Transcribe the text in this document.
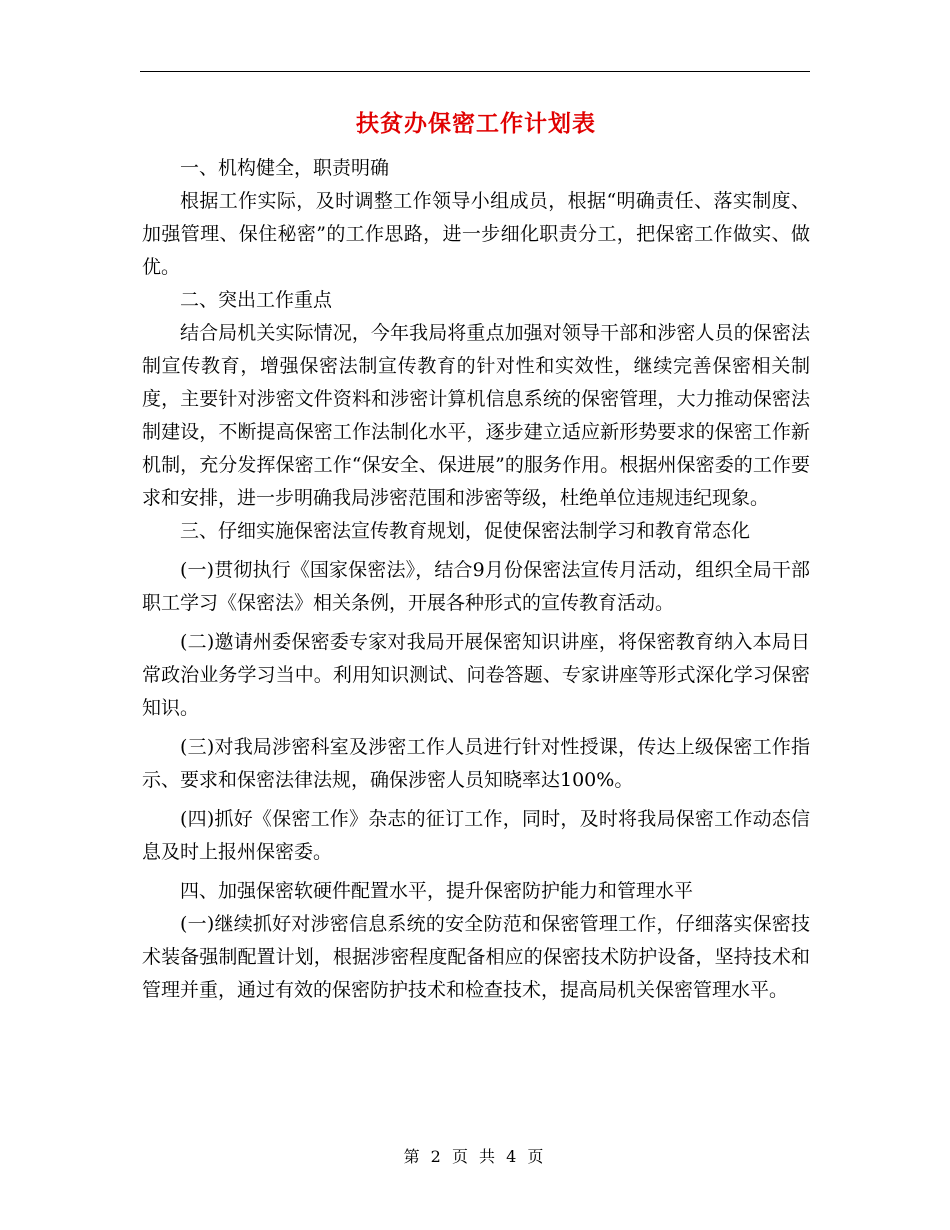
扶贫办保密工作计划表

一、机构健全，职责明确

根据工作实际，及时调整工作领导小组成员，根据“明确责任、落实制度、加强管理、保住秘密”的工作思路，进一步细化职责分工，把保密工作做实、做优。

二、突出工作重点

结合局机关实际情况，今年我局将重点加强对领导干部和涉密人员的保密法制宣传教育，增强保密法制宣传教育的针对性和实效性，继续完善保密相关制度，主要针对涉密文件资料和涉密计算机信息系统的保密管理，大力推动保密法制建设，不断提高保密工作法制化水平，逐步建立适应新形势要求的保密工作新机制，充分发挥保密工作“保安全、保进展”的服务作用。根据州保密委的工作要求和安排，进一步明确我局涉密范围和涉密等级，杜绝单位违规违纪现象。

三、仔细实施保密法宣传教育规划，促使保密法制学习和教育常态化

(一)贯彻执行《国家保密法》，结合9月份保密法宣传月活动，组织全局干部职工学习《保密法》相关条例，开展各种形式的宣传教育活动。

(二)邀请州委保密委专家对我局开展保密知识讲座，将保密教育纳入本局日常政治业务学习当中。利用知识测试、问卷答题、专家讲座等形式深化学习保密知识。

(三)对我局涉密科室及涉密工作人员进行针对性授课，传达上级保密工作指示、要求和保密法律法规，确保涉密人员知晓率达100%。

(四)抓好《保密工作》杂志的征订工作，同时，及时将我局保密工作动态信息及时上报州保密委。

四、加强保密软硬件配置水平，提升保密防护能力和管理水平

(一)继续抓好对涉密信息系统的安全防范和保密管理工作，仔细落实保密技术装备强制配置计划，根据涉密程度配备相应的保密技术防护设备，坚持技术和管理并重，通过有效的保密防护技术和检查技术，提高局机关保密管理水平。

第 2 页 共 4 页
